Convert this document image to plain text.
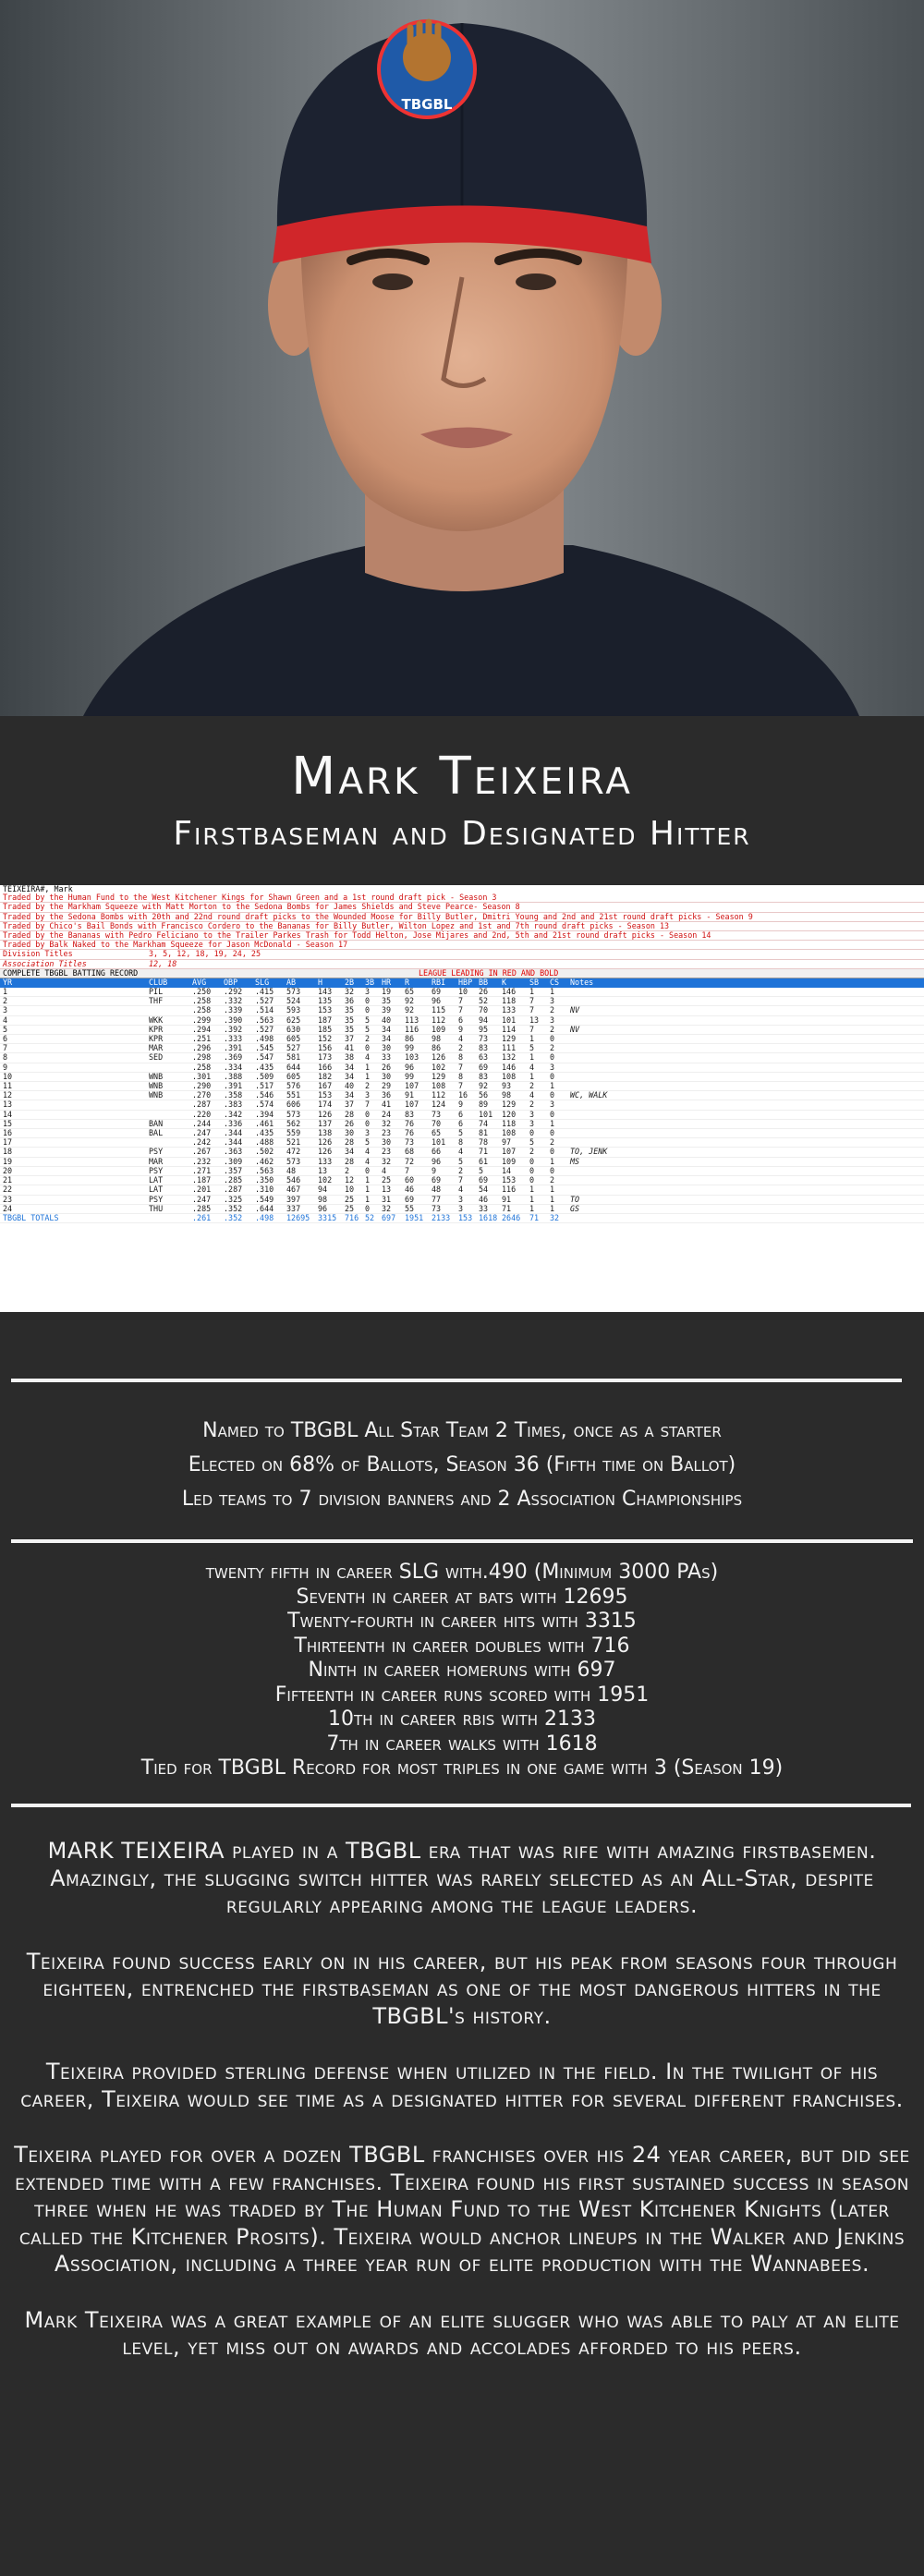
TBGBL
Mark Teixeira
Firstbaseman and Designated Hitter
TEIXEIRA#, Mark
Traded by the Human Fund to the West Kitchener Kings for Shawn Green and a 1st round draft pick - Season 3
Traded by the Markham Squeeze with Matt Morton to the Sedona Bombs for James Shields and Steve Pearce- Season 8
Traded by the Sedona Bombs with 20th and 22nd round draft picks to the Wounded Moose for Billy Butler, Dmitri Young and 2nd and 21st round draft picks - Season 9
Traded by Chico's Bail Bonds with Francisco Cordero to the Bananas for Billy Butler, Wilton Lopez and 1st and 7th round draft picks - Season 13
Traded by the Bananas with Pedro Feliciano to the Trailer Parkes Trash for Todd Helton, Jose Mijares and 2nd, 5th and 21st round draft picks - Season 14
Traded by Balk Naked to the Markham Squeeze for Jason McDonald - Season 17
Division Titles	3, 5, 12, 18, 19, 24, 25
Association Titles	12, 18
COMPLETE TBGBL BATTING RECORD	LEAGUE LEADING IN RED AND BOLD
YR	CLUB	AVG	OBP	SLG	AB	H	2B	3B	HR	R	RBI	HBP	BB	K	SB	CS	Notes
1	PIL	.250	.292	.415	573	143	32	3	19	65	69	10	26	146	1	1	
2	THF	.258	.332	.527	524	135	36	0	35	92	96	7	52	118	7	3	
3		.258	.339	.514	593	153	35	0	39	92	115	7	70	133	7	2	NV
4	WKK	.299	.390	.563	625	187	35	5	40	113	112	6	94	101	13	3	
5	KPR	.294	.392	.527	630	185	35	5	34	116	109	9	95	114	7	2	NV
6	KPR	.251	.333	.498	605	152	37	2	34	86	98	4	73	129	1	0	
7	MAR	.296	.391	.545	527	156	41	0	30	99	86	2	83	111	5	2	
8	SED	.298	.369	.547	581	173	38	4	33	103	126	8	63	132	1	0	
9		.258	.334	.435	644	166	34	1	26	96	102	7	69	146	4	3	
10	WNB	.301	.388	.509	605	182	34	1	30	99	129	8	83	108	1	0	
11	WNB	.290	.391	.517	576	167	40	2	29	107	108	7	92	93	2	1	
12	WNB	.270	.358	.546	551	153	34	3	36	91	112	16	56	98	4	0	WC, WALK
13		.287	.383	.574	606	174	37	7	41	107	124	9	89	129	2	3	
14		.220	.342	.394	573	126	28	0	24	83	73	6	101	120	3	0	
15	BAN	.244	.336	.461	562	137	26	0	32	76	70	6	74	118	3	1	
16	BAL	.247	.344	.435	559	138	30	3	23	76	65	5	81	108	0	0	
17		.242	.344	.488	521	126	28	5	30	73	101	8	78	97	5	2	
18	PSY	.267	.363	.502	472	126	34	4	23	68	66	4	71	107	2	0	TO, JENK
19	MAR	.232	.309	.462	573	133	28	4	32	72	96	5	61	109	0	1	MS
20	PSY	.271	.357	.563	48	13	2	0	4	7	9	2	5	14	0	0	
21	LAT	.187	.285	.350	546	102	12	1	25	60	69	7	69	153	0	2	
22	LAT	.201	.287	.310	467	94	10	1	13	46	48	4	54	116	1	1	
23	PSY	.247	.325	.549	397	98	25	1	31	69	77	3	46	91	1	1	TO
24	THU	.285	.352	.644	337	96	25	0	32	55	73	3	33	71	1	1	GS
TBGBL TOTALS		.261	.352	.498	12695	3315	716	52	697	1951	2133	153	1618	2646	71	32	

Named to TBGBL All Star Team 2 Times, once as a starter

Elected on 68% of Ballots, Season 36 (Fifth time on Ballot)

Led teams to 7 division banners and 2 Association Championships

twenty fifth in career SLG with.490 (Minimum 3000 PAs)

Seventh in career at bats with 12695

Twenty-fourth in career hits with 3315

Thirteenth in career doubles with 716

Ninth in career homeruns with 697

Fifteenth in career runs scored with 1951

10th in career rbis with 2133

7th in career walks with 1618

Tied for TBGBL Record for most triples in one game with 3 (Season 19)

MARK TEIXEIRA played in a TBGBL era that was rife with amazing firstbasemen. Amazingly, the slugging switch hitter was rarely selected as an All-Star, despite regularly appearing among the league leaders.

Teixeira found success early on in his career, but his peak from seasons four through eighteen, entrenched the firstbaseman as one of the most dangerous hitters in the TBGBL's history.

Teixeira provided sterling defense when utilized in the field. In the twilight of his career, Teixeira would see time as a designated hitter for several different franchises.

Teixeira played for over a dozen TBGBL franchises over his 24 year career, but did see extended time with a few franchises. Teixeira found his first sustained success in season three when he was traded by The Human Fund to the West Kitchener Knights (later called the Kitchener Prosits). Teixeira would anchor lineups in the Walker and Jenkins Association, including a three year run of elite production with the Wannabees.

Mark Teixeira was a great example of an elite slugger who was able to paly at an elite level, yet miss out on awards and accolades afforded to his peers.
